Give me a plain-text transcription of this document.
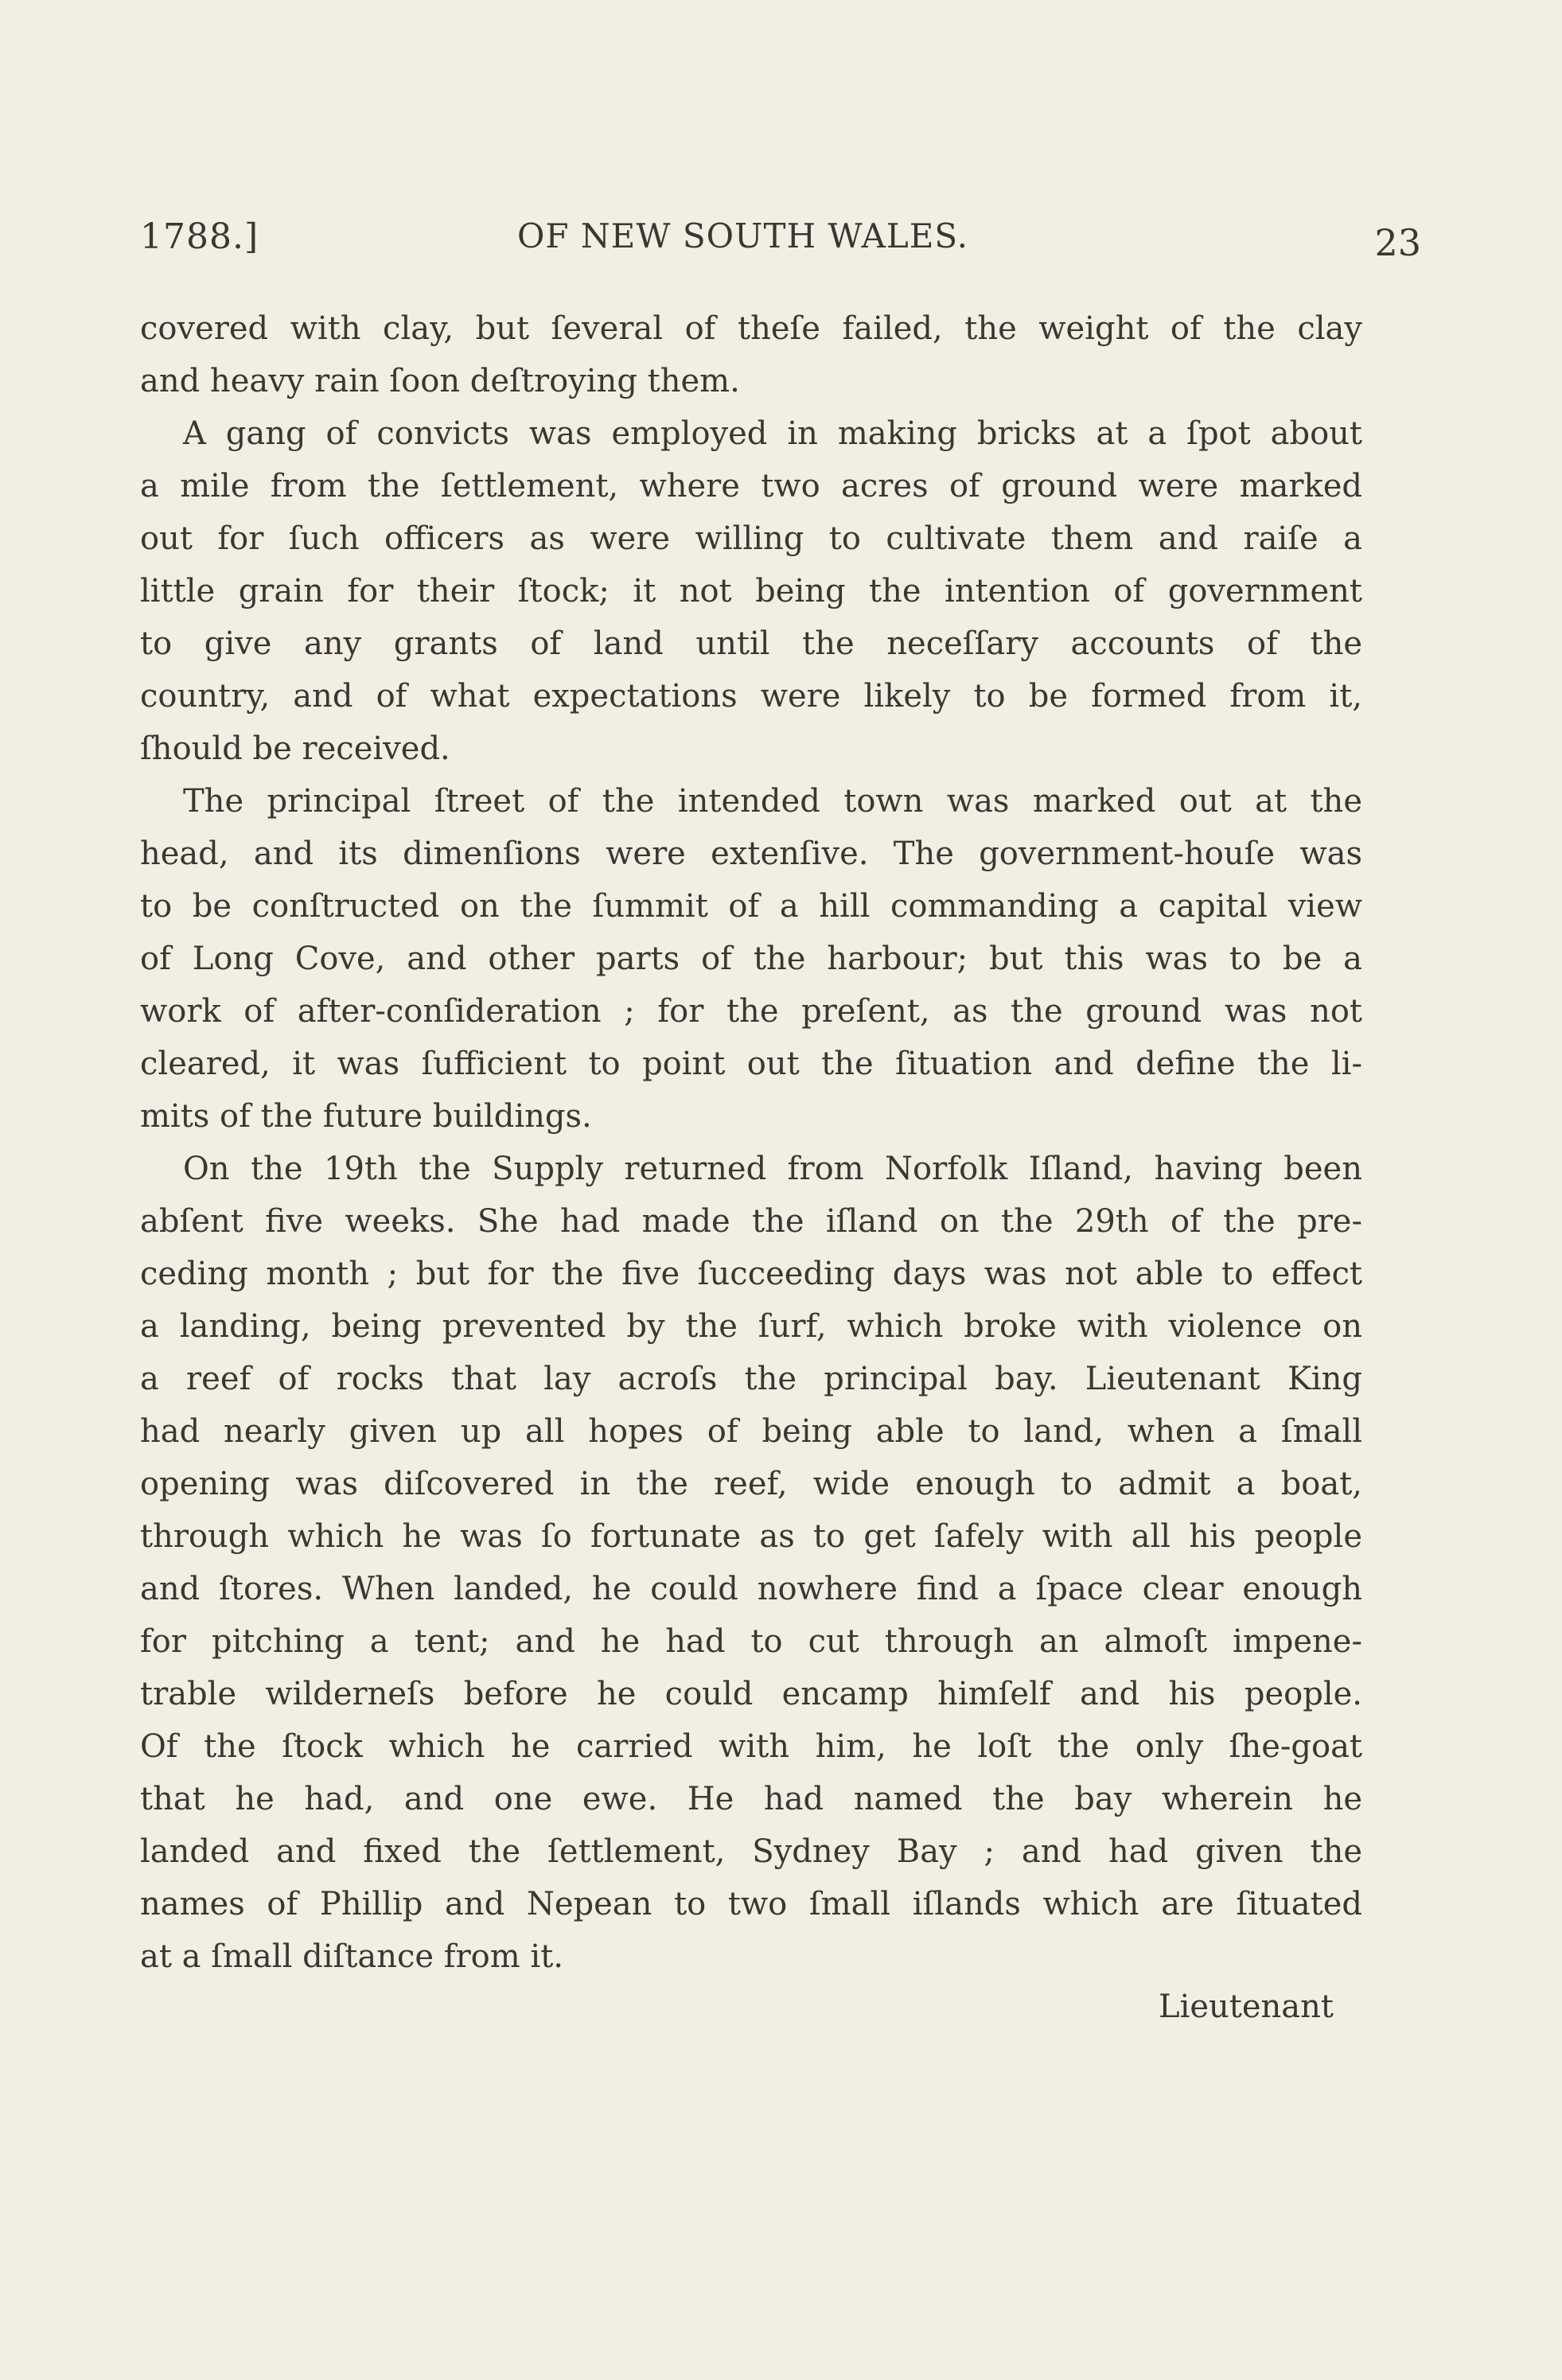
1788.]	OF NEW SOUTH WALES.	23
covered with clay, but ſeveral of theſe failed, the weight of the clay
and heavy rain ſoon deſtroying them.
A gang of convicts was employed in making bricks at a ſpot about
a mile from the ſettlement, where two acres of ground were marked
out for ſuch officers as were willing to cultivate them and raiſe a
little grain for their ſtock; it not being the intention of government
to give any grants of land until the neceſſary accounts of the
country, and of what expectations were likely to be formed from it,
ſhould be received.
The principal ſtreet of the intended town was marked out at the
head, and its dimenſions were extenſive. The government-houſe was
to be conſtructed on the ſummit of a hill commanding a capital view
of Long Cove, and other parts of the harbour; but this was to be a
work of after-conſideration ; for the preſent, as the ground was not
cleared, it was ſufficient to point out the ſituation and define the li-
mits of the future buildings.
On the 19th the Supply returned from Norfolk Iſland, having been
abſent five weeks. She had made the iſland on the 29th of the pre-
ceding month ; but for the five ſucceeding days was not able to effect
a landing, being prevented by the ſurf, which broke with violence on
a reef of rocks that lay acroſs the principal bay. Lieutenant King
had nearly given up all hopes of being able to land, when a ſmall
opening was diſcovered in the reef, wide enough to admit a boat,
through which he was ſo fortunate as to get ſafely with all his people
and ſtores. When landed, he could nowhere find a ſpace clear enough
for pitching a tent; and he had to cut through an almoſt impene-
trable wilderneſs before he could encamp himſelf and his people.
Of the ſtock which he carried with him, he loſt the only ſhe-goat
that he had, and one ewe. He had named the bay wherein he
landed and fixed the ſettlement, Sydney Bay ; and had given the
names of Phillip and Nepean to two ſmall iſlands which are ſituated
at a ſmall diſtance from it.
Lieutenant
